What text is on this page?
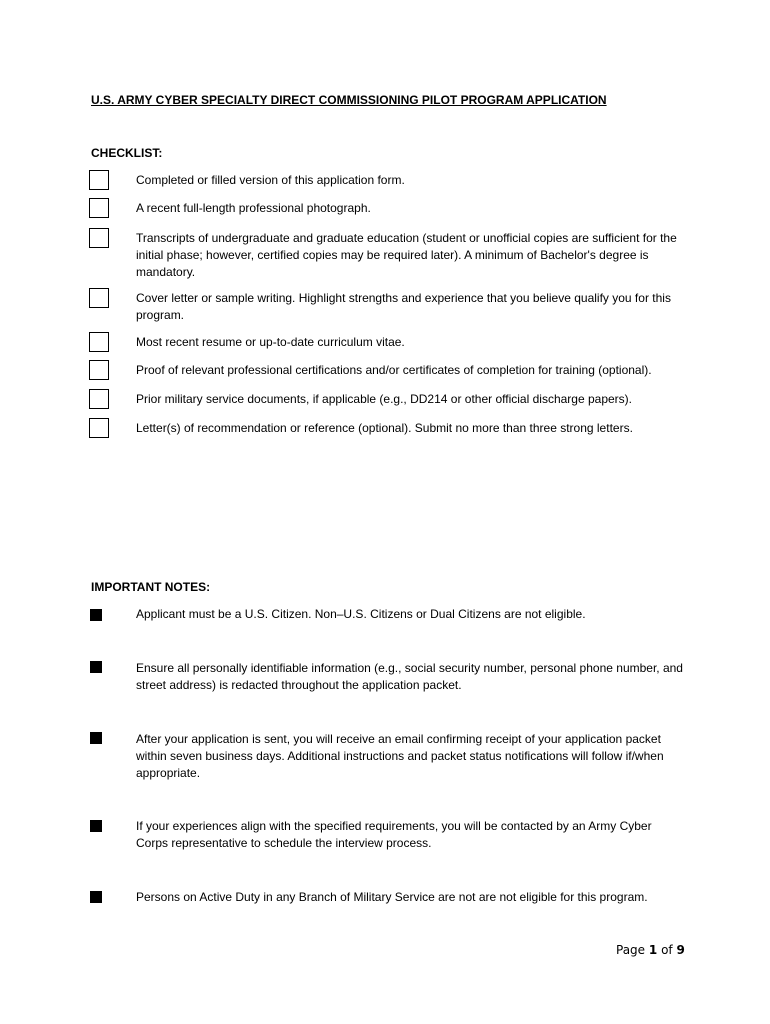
U.S. ARMY CYBER SPECIALTY DIRECT COMMISSIONING PILOT PROGRAM APPLICATION
CHECKLIST:
Completed or filled version of this application form.
A recent full-length professional photograph.
Transcripts of undergraduate and graduate education (student or unofficial copies are sufficient for the initial phase; however, certified copies may be required later). A minimum of Bachelor's degree is mandatory.
Cover letter or sample writing. Highlight strengths and experience that you believe qualify you for this program.
Most recent resume or up-to-date curriculum vitae.
Proof of relevant professional certifications and/or certificates of completion for training (optional).
Prior military service documents, if applicable (e.g., DD214 or other official discharge papers).
Letter(s) of recommendation or reference (optional). Submit no more than three strong letters.
IMPORTANT NOTES:
Applicant must be a U.S. Citizen. Non–U.S. Citizens or Dual Citizens are not eligible.
Ensure all personally identifiable information (e.g., social security number, personal phone number, and street address) is redacted throughout the application packet.
After your application is sent, you will receive an email confirming receipt of your application packet within seven business days. Additional instructions and packet status notifications will follow if/when appropriate.
If your experiences align with the specified requirements, you will be contacted by an Army Cyber Corps representative to schedule the interview process.
Persons on Active Duty in any Branch of Military Service are not are not eligible for this program.
Page 1 of 9
